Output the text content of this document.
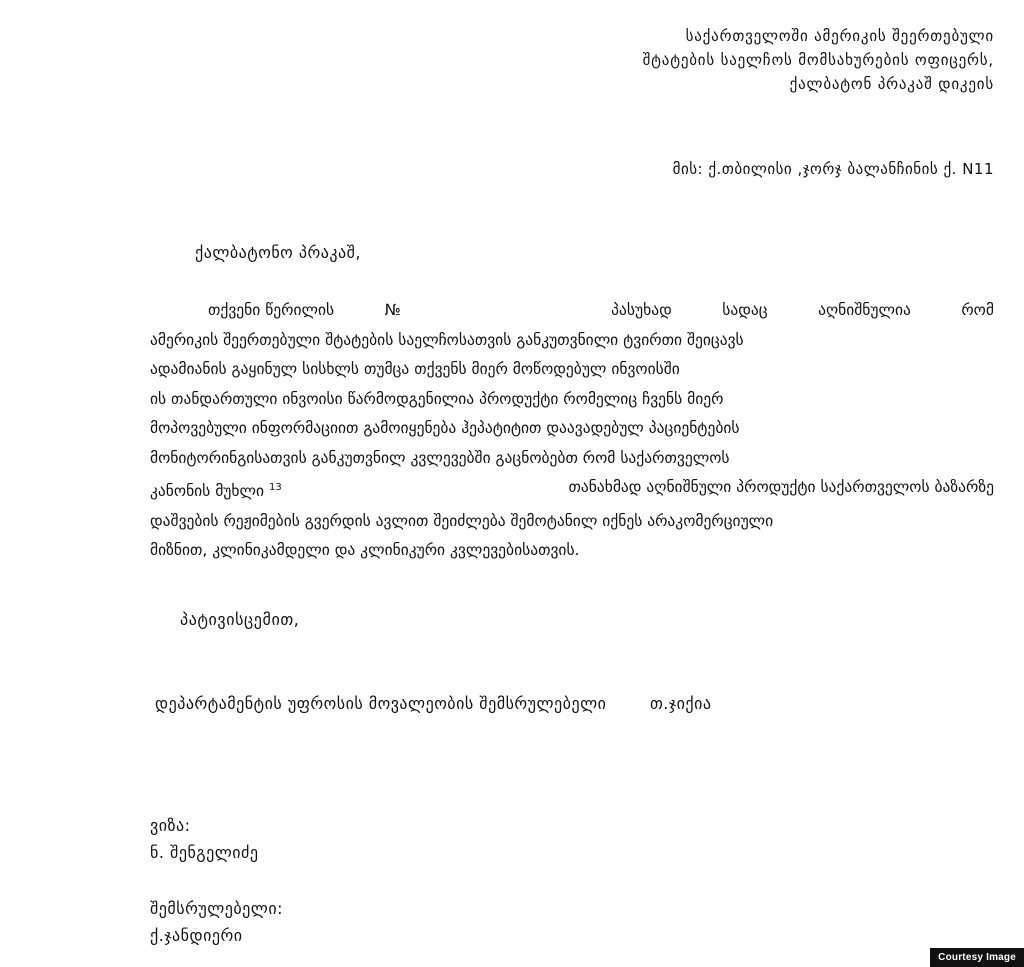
საქართველოში ამერიკის შეერთებული
შტატების საელჩოს მომსახურების ოფიცერს,
ქალბატონ პრაკაშ დიკეის
მის: ქ.თბილისი ,ჯორჯ ბალანჩინის ქ. N11
ქალბატონო პრაკაშ,
თქვენი წერილის	№	პასუხად	სადაც	აღნიშნულია	რომ
ამერიკის შეერთებული შტატების საელჩოსათვის განკუთვნილი ტვირთი შეიცავს
ადამიანის გაყინულ სისხლს თუმცა თქვენს მიერ მოწოდებულ ინვოისში
ის თანდართული ინვოისი წარმოდგენილია პროდუქტი რომელიც ჩვენს მიერ
მოპოვებული ინფორმაციით გამოიყენება ჰეპატიტით დაავადებულ პაციენტების
მონიტორინგისათვის განკუთვნილ კვლევებში გაცნობებთ რომ საქართველოს
კანონის მუხლი $^{13}$	თანახმად აღნიშნული პროდუქტი საქართველოს ბაზარზე
დაშვების რეჟიმების გვერდის ავლით შეიძლება შემოტანილ იქნეს არაკომერციული
მიზნით, კლინიკამდელი და კლინიკური კვლევებისათვის.
პატივისცემით,
დეპარტამენტის უფროსის მოვალეობის შემსრულებელი	თ.ჯიქია
ვიზა:
ნ. შენგელიძე
შემსრულებელი:
ქ.ჯანდიერი
Courtesy Image
